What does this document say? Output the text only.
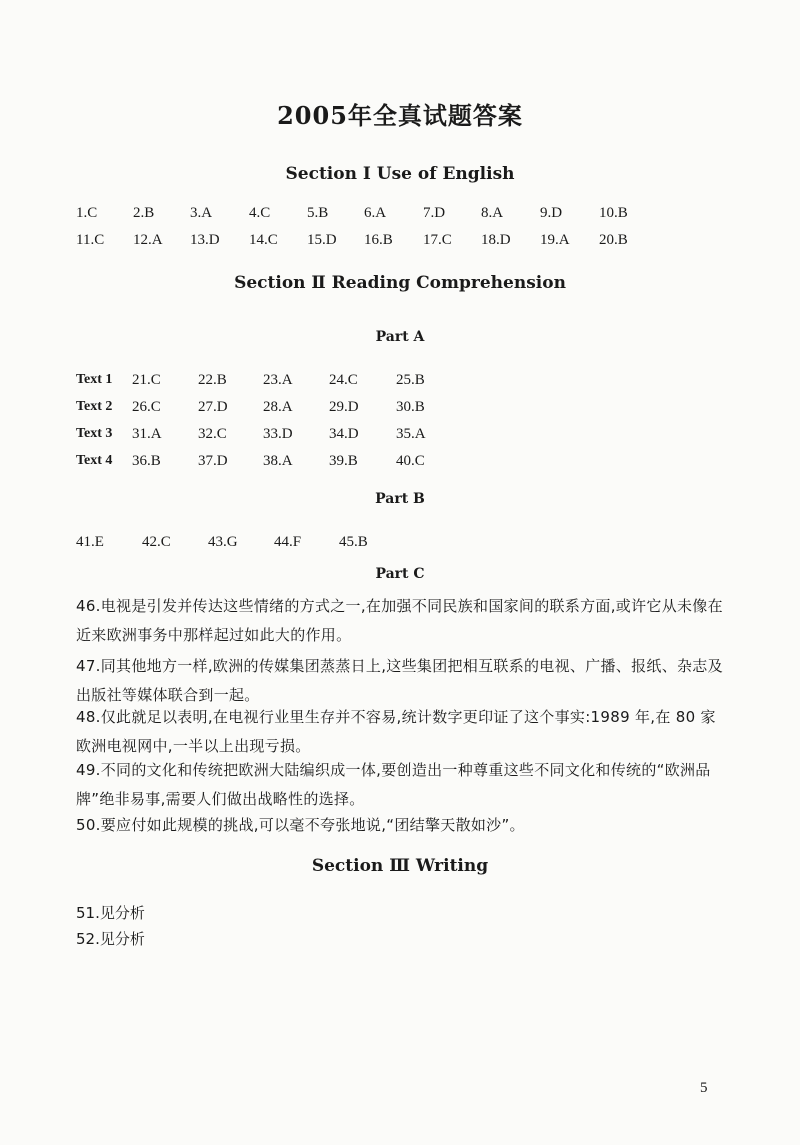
2005年全真试题答案
Section Ⅰ Use of English
1.C 2.B 3.A 4.C 5.B 6.A 7.D 8.A 9.D 10.B
11.C 12.A 13.D 14.C 15.D 16.B 17.C 18.D 19.A 20.B
Section Ⅱ Reading Comprehension
Part A
Text 1 21.C 22.B 23.A 24.C	25.B
Text 2 26.C 27.D 28.A 29.D 30.B
Text 3 31.A 32.C 33.D 34.D 35.A
Text 4 36.B 37.D 38.A 39.B	40.C
Part B
41.E	42.C 43.G 44.F	45.B
Part C
46.电视是引发并传达这些情绪的方式之一,在加强不同民族和国家间的联系方面,或许它从未像在近来欧洲事务中那样起过如此大的作用。
47.同其他地方一样,欧洲的传媒集团蒸蒸日上,这些集团把相互联系的电视、广播、报纸、杂志及出版社等媒体联合到一起。
48.仅此就足以表明,在电视行业里生存并不容易,统计数字更印证了这个事实:1989 年,在 80 家欧洲电视网中,一半以上出现亏损。
49.不同的文化和传统把欧洲大陆编织成一体,要创造出一种尊重这些不同文化和传统的“欧洲品牌”绝非易事,需要人们做出战略性的选择。
50.要应付如此规模的挑战,可以毫不夸张地说,“团结擎天散如沙”。
Section Ⅲ Writing
51.见分析
52.见分析
5
